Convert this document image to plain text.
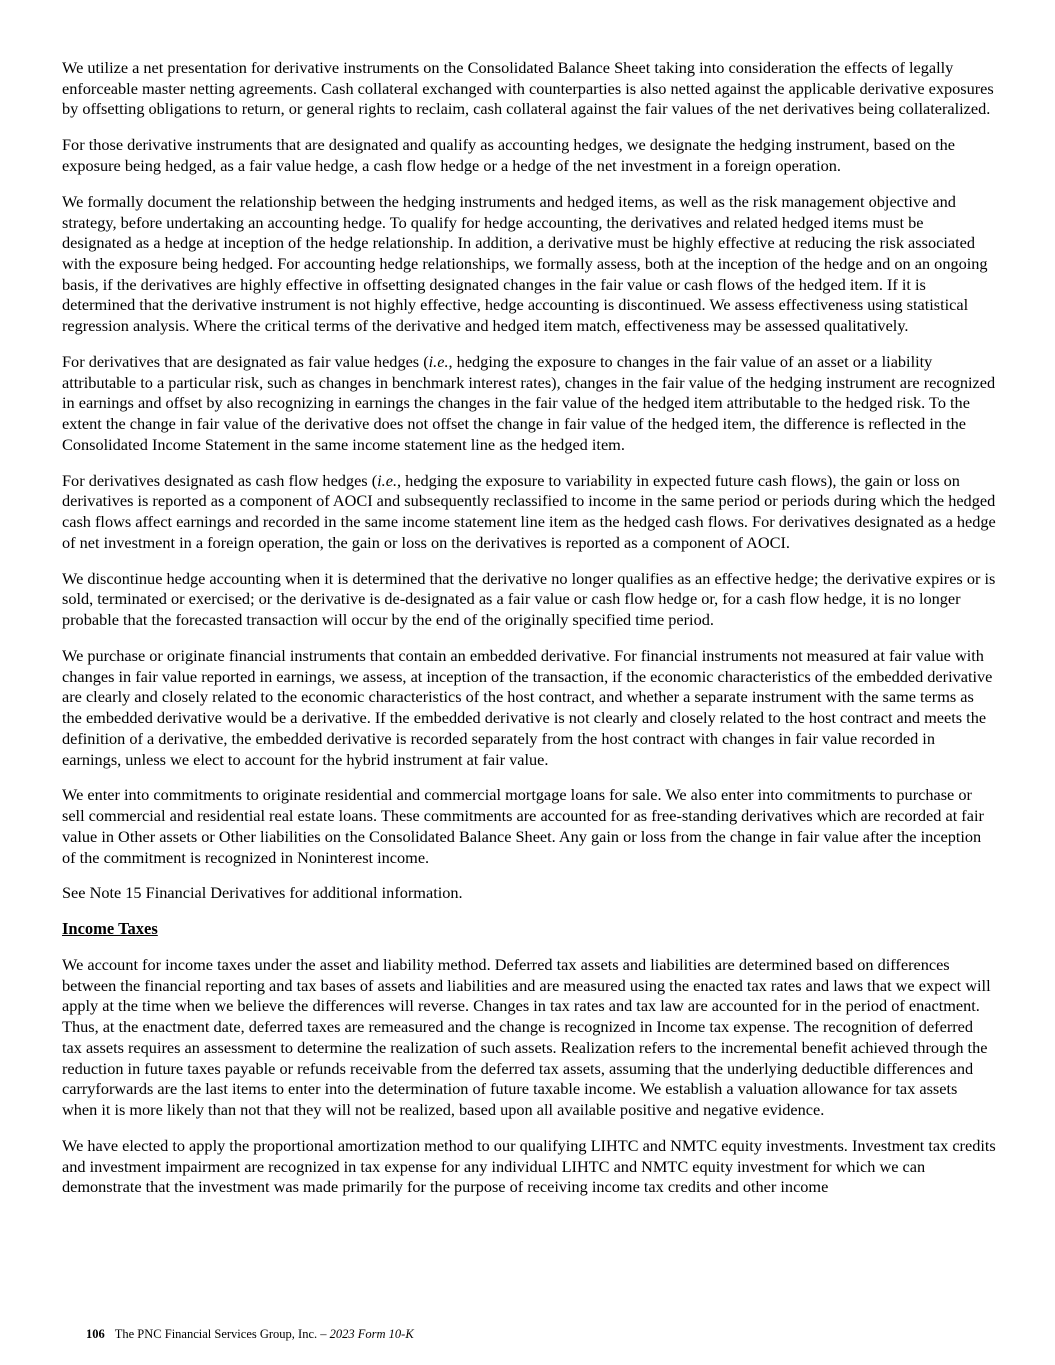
We utilize a net presentation for derivative instruments on the Consolidated Balance Sheet taking into consideration the effects of legally enforceable master netting agreements. Cash collateral exchanged with counterparties is also netted against the applicable derivative exposures by offsetting obligations to return, or general rights to reclaim, cash collateral against the fair values of the net derivatives being collateralized.

For those derivative instruments that are designated and qualify as accounting hedges, we designate the hedging instrument, based on the exposure being hedged, as a fair value hedge, a cash flow hedge or a hedge of the net investment in a foreign operation.

We formally document the relationship between the hedging instruments and hedged items, as well as the risk management objective and strategy, before undertaking an accounting hedge. To qualify for hedge accounting, the derivatives and related hedged items must be designated as a hedge at inception of the hedge relationship. In addition, a derivative must be highly effective at reducing the risk associated with the exposure being hedged. For accounting hedge relationships, we formally assess, both at the inception of the hedge and on an ongoing basis, if the derivatives are highly effective in offsetting designated changes in the fair value or cash flows of the hedged item. If it is determined that the derivative instrument is not highly effective, hedge accounting is discontinued. We assess effectiveness using statistical regression analysis. Where the critical terms of the derivative and hedged item match, effectiveness may be assessed qualitatively.

For derivatives that are designated as fair value hedges (i.e., hedging the exposure to changes in the fair value of an asset or a liability attributable to a particular risk, such as changes in benchmark interest rates), changes in the fair value of the hedging instrument are recognized in earnings and offset by also recognizing in earnings the changes in the fair value of the hedged item attributable to the hedged risk. To the extent the change in fair value of the derivative does not offset the change in fair value of the hedged item, the difference is reflected in the Consolidated Income Statement in the same income statement line as the hedged item.

For derivatives designated as cash flow hedges (i.e., hedging the exposure to variability in expected future cash flows), the gain or loss on derivatives is reported as a component of AOCI and subsequently reclassified to income in the same period or periods during which the hedged cash flows affect earnings and recorded in the same income statement line item as the hedged cash flows. For derivatives designated as a hedge of net investment in a foreign operation, the gain or loss on the derivatives is reported as a component of AOCI.

We discontinue hedge accounting when it is determined that the derivative no longer qualifies as an effective hedge; the derivative expires or is sold, terminated or exercised; or the derivative is de-designated as a fair value or cash flow hedge or, for a cash flow hedge, it is no longer probable that the forecasted transaction will occur by the end of the originally specified time period.

We purchase or originate financial instruments that contain an embedded derivative. For financial instruments not measured at fair value with changes in fair value reported in earnings, we assess, at inception of the transaction, if the economic characteristics of the embedded derivative are clearly and closely related to the economic characteristics of the host contract, and whether a separate instrument with the same terms as the embedded derivative would be a derivative. If the embedded derivative is not clearly and closely related to the host contract and meets the definition of a derivative, the embedded derivative is recorded separately from the host contract with changes in fair value recorded in earnings, unless we elect to account for the hybrid instrument at fair value.

We enter into commitments to originate residential and commercial mortgage loans for sale. We also enter into commitments to purchase or sell commercial and residential real estate loans. These commitments are accounted for as free-standing derivatives which are recorded at fair value in Other assets or Other liabilities on the Consolidated Balance Sheet. Any gain or loss from the change in fair value after the inception of the commitment is recognized in Noninterest income.

See Note 15 Financial Derivatives for additional information.

Income Taxes

We account for income taxes under the asset and liability method. Deferred tax assets and liabilities are determined based on differences between the financial reporting and tax bases of assets and liabilities and are measured using the enacted tax rates and laws that we expect will apply at the time when we believe the differences will reverse. Changes in tax rates and tax law are accounted for in the period of enactment. Thus, at the enactment date, deferred taxes are remeasured and the change is recognized in Income tax expense. The recognition of deferred tax assets requires an assessment to determine the realization of such assets. Realization refers to the incremental benefit achieved through the reduction in future taxes payable or refunds receivable from the deferred tax assets, assuming that the underlying deductible differences and carryforwards are the last items to enter into the determination of future taxable income. We establish a valuation allowance for tax assets when it is more likely than not that they will not be realized, based upon all available positive and negative evidence.

We have elected to apply the proportional amortization method to our qualifying LIHTC and NMTC equity investments. Investment tax credits and investment impairment are recognized in tax expense for any individual LIHTC and NMTC equity investment for which we can demonstrate that the investment was made primarily for the purpose of receiving income tax credits and other income

106 The PNC Financial Services Group, Inc. – 2023 Form 10-K
